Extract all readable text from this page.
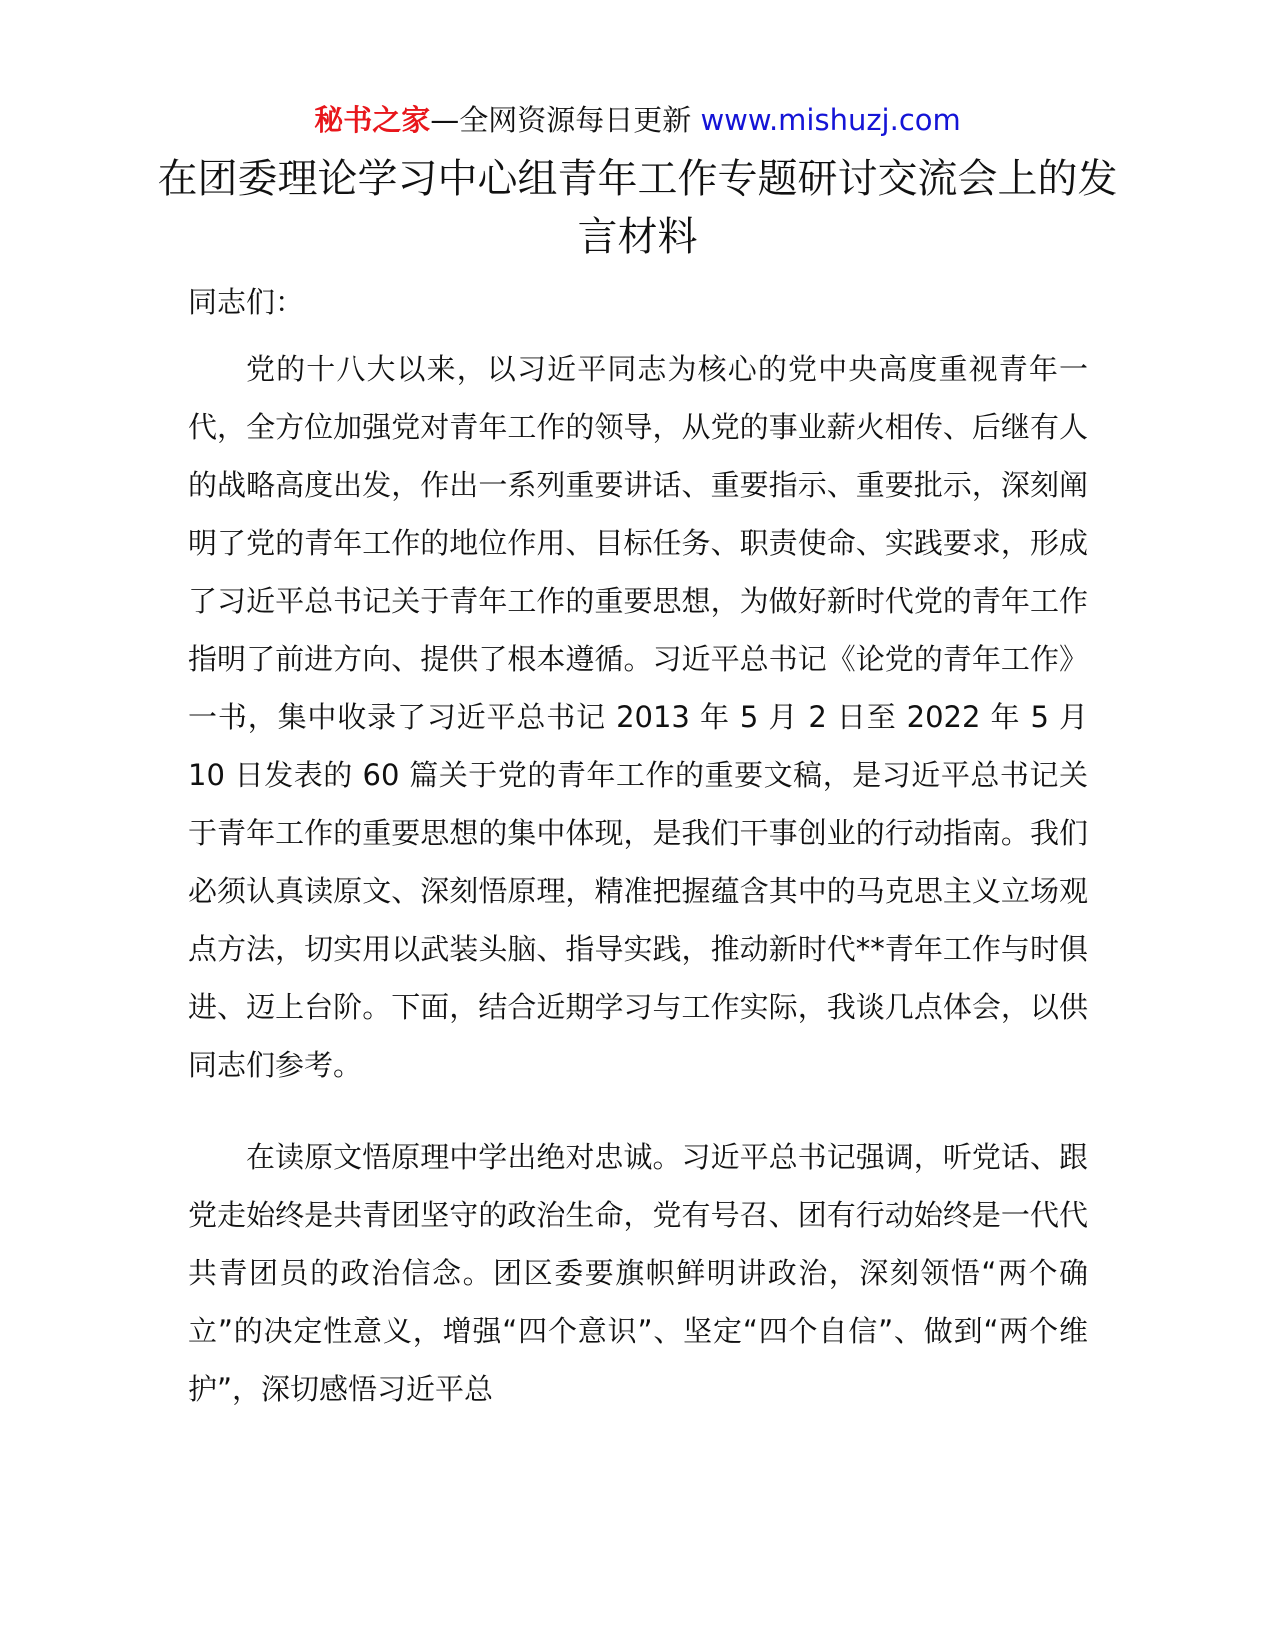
秘书之家—全网资源每日更新 www.mishuzj.com
在团委理论学习中心组青年工作专题研讨交流会上的发言材料

同志们：

党的十八大以来，以习近平同志为核心的党中央高度重视青年一代，全方位加强党对青年工作的领导，从党的事业薪火相传、后继有人的战略高度出发，作出一系列重要讲话、重要指示、重要批示，深刻阐明了党的青年工作的地位作用、目标任务、职责使命、实践要求，形成了习近平总书记关于青年工作的重要思想，为做好新时代党的青年工作指明了前进方向、提供了根本遵循。习近平总书记《论党的青年工作》一书，集中收录了习近平总书记 2013 年 5 月 2 日至 2022 年 5 月 10 日发表的 60 篇关于党的青年工作的重要文稿，是习近平总书记关于青年工作的重要思想的集中体现，是我们干事创业的行动指南。我们必须认真读原文、深刻悟原理，精准把握蕴含其中的马克思主义立场观点方法，切实用以武装头脑、指导实践，推动新时代**青年工作与时俱进、迈上台阶。下面，结合近期学习与工作实际，我谈几点体会，以供同志们参考。

在读原文悟原理中学出绝对忠诚。习近平总书记强调，听党话、跟党走始终是共青团坚守的政治生命，党有号召、团有行动始终是一代代共青团员的政治信念。团区委要旗帜鲜明讲政治，深刻领悟“两个确立”的决定性意义，增强“四个意识”、坚定“四个自信”、做到“两个维护”，深切感悟习近平总
